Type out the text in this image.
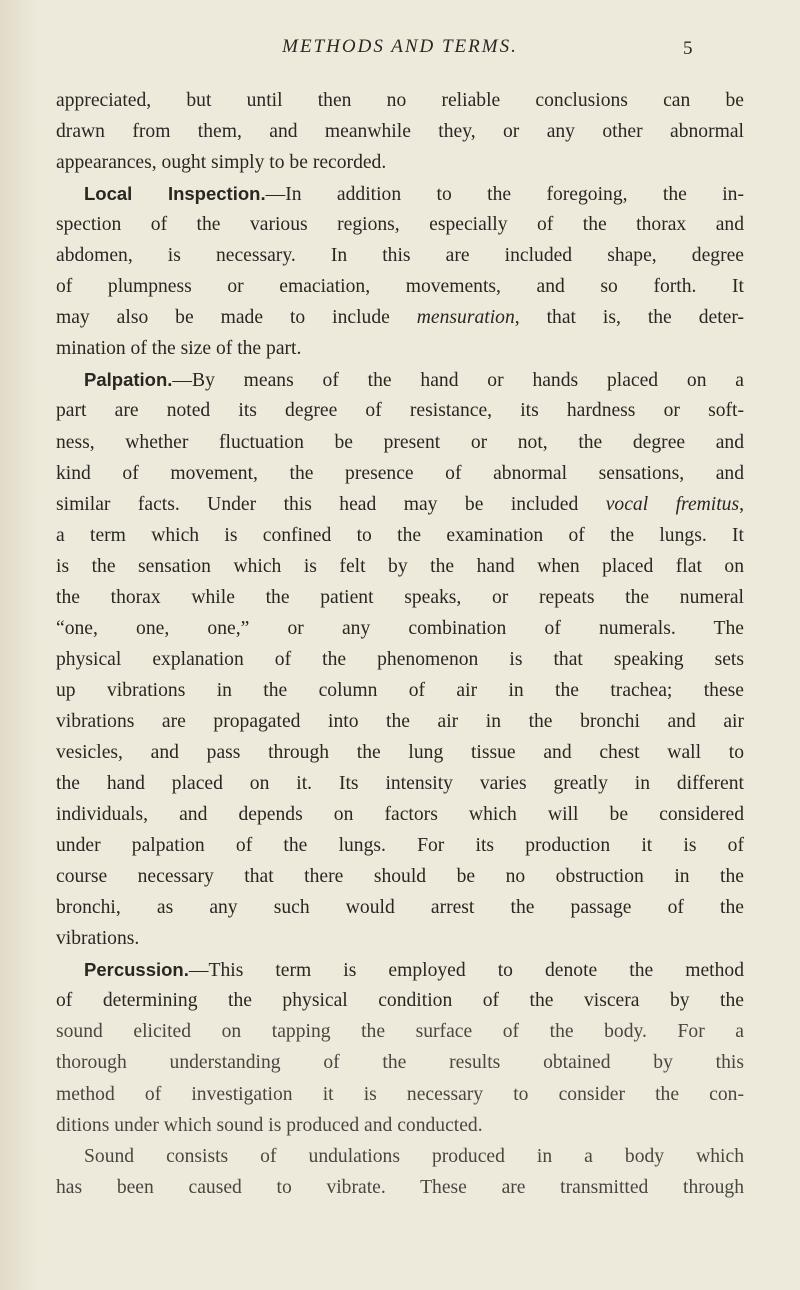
METHODS AND TERMS.	5
appreciated, but until then no reliable conclusions can be
drawn from them, and meanwhile they, or any other abnormal
appearances, ought simply to be recorded.
Local Inspection.—In addition to the foregoing, the in-
spection of the various regions, especially of the thorax and
abdomen, is necessary. In this are included shape, degree
of plumpness or emaciation, movements, and so forth. It
may also be made to include mensuration, that is, the deter-
mination of the size of the part.
Palpation.—By means of the hand or hands placed on a
part are noted its degree of resistance, its hardness or soft-
ness, whether fluctuation be present or not, the degree and
kind of movement, the presence of abnormal sensations, and
similar facts. Under this head may be included vocal fremitus,
a term which is confined to the examination of the lungs. It
is the sensation which is felt by the hand when placed flat on
the thorax while the patient speaks, or repeats the numeral
“one, one, one,” or any combination of numerals. The
physical explanation of the phenomenon is that speaking sets
up vibrations in the column of air in the trachea; these
vibrations are propagated into the air in the bronchi and air
vesicles, and pass through the lung tissue and chest wall to
the hand placed on it. Its intensity varies greatly in different
individuals, and depends on factors which will be considered
under palpation of the lungs. For its production it is of
course necessary that there should be no obstruction in the
bronchi, as any such would arrest the passage of the
vibrations.
Percussion.—This term is employed to denote the method
of determining the physical condition of the viscera by the
sound elicited on tapping the surface of the body. For a
thorough understanding of the results obtained by this
method of investigation it is necessary to consider the con-
ditions under which sound is produced and conducted.
Sound consists of undulations produced in a body which
has been caused to vibrate. These are transmitted through
